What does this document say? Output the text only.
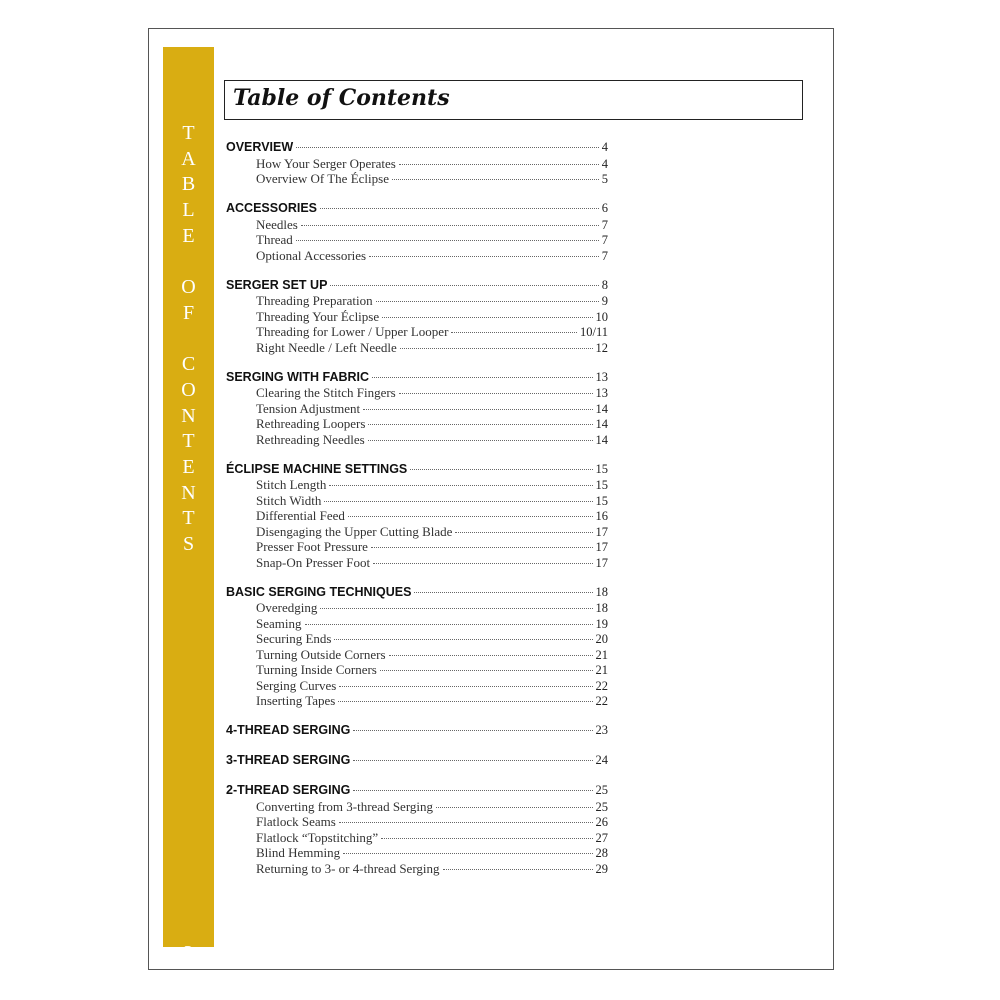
T
A
B
L
E

O
F

C
O
N
T
E
N
T
S
2
Table of Contents
OVERVIEW	4
How Your Serger Operates	4
Overview Of The Éclipse	5
ACCESSORIES	6
Needles	7
Thread	7
Optional Accessories	7
SERGER SET UP	8
Threading Preparation	9
Threading Your Éclipse	10
Threading for Lower / Upper Looper	10/11
Right Needle / Left Needle	12
SERGING WITH FABRIC	13
Clearing the Stitch Fingers	13
Tension Adjustment	14
Rethreading Loopers	14
Rethreading Needles	14
ÉCLIPSE MACHINE SETTINGS	15
Stitch Length	15
Stitch Width	15
Differential Feed	16
Disengaging the Upper Cutting Blade	17
Presser Foot Pressure	17
Snap-On Presser Foot	17
BASIC SERGING TECHNIQUES	18
Overedging	18
Seaming	19
Securing Ends	20
Turning Outside Corners	21
Turning Inside Corners	21
Serging Curves	22
Inserting Tapes	22
4-THREAD SERGING	23
3-THREAD SERGING	24
2-THREAD SERGING	25
Converting from 3-thread Serging	25
Flatlock Seams	26
Flatlock “Topstitching”	27
Blind Hemming	28
Returning to 3- or 4-thread Serging	29
